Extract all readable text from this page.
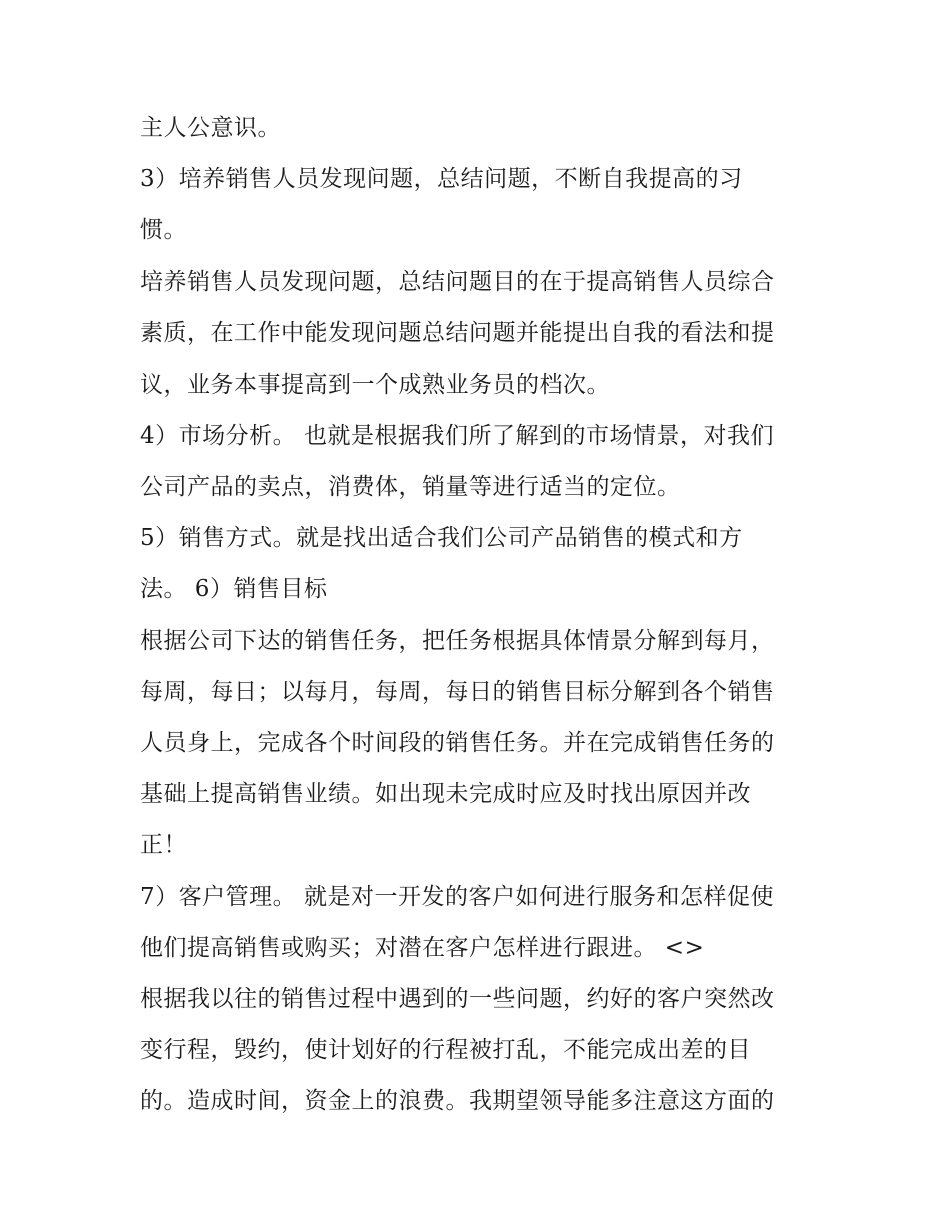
主人公意识。
3）培养销售人员发现问题，总结问题，不断自我提高的习
惯。
培养销售人员发现问题，总结问题目的在于提高销售人员综合
素质，在工作中能发现问题总结问题并能提出自我的看法和提
议，业务本事提高到一个成熟业务员的档次。
4）市场分析。 也就是根据我们所了解到的市场情景，对我们
公司产品的卖点，消费体，销量等进行适当的定位。
5）销售方式。就是找出适合我们公司产品销售的模式和方
法。 6）销售目标
根据公司下达的销售任务，把任务根据具体情景分解到每月，
每周，每日；以每月，每周，每日的销售目标分解到各个销售
人员身上，完成各个时间段的销售任务。并在完成销售任务的
基础上提高销售业绩。如出现未完成时应及时找出原因并改
正！
7）客户管理。 就是对一开发的客户如何进行服务和怎样促使
他们提高销售或购买；对潜在客户怎样进行跟进。 <>
根据我以往的销售过程中遇到的一些问题，约好的客户突然改
变行程，毁约，使计划好的行程被打乱，不能完成出差的目
的。造成时间，资金上的浪费。我期望领导能多注意这方面的
